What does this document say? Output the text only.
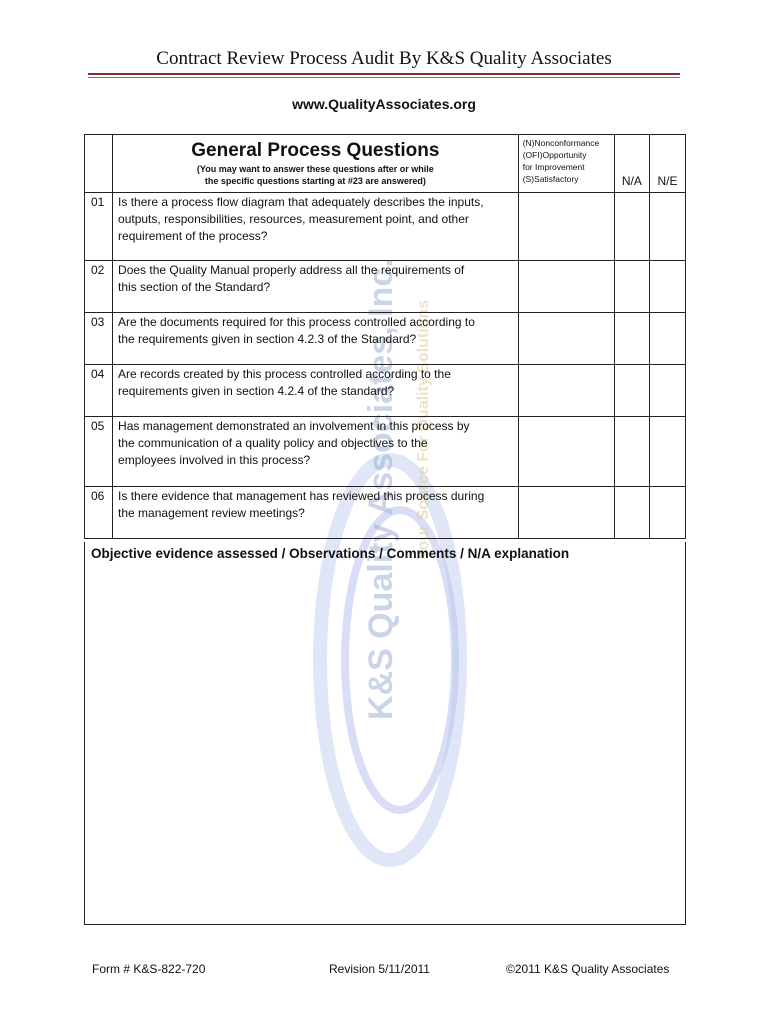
Contract Review Process Audit By K&S Quality Associates
www.QualityAssociates.org
K&S Quality Associates, Inc. Your Source For Quality Solutions

	General Process Questions
(You may want to answer these questions after or while
the specific questions starting at #23 are answered)	(N)Nonconformance
(OFI)Opportunity
for Improvement
(S)Satisfactory	N/A	N/E
01	Is there a process flow diagram that adequately describes the inputs,
outputs, responsibilities, resources, measurement point, and other
requirement of the process?			

02	Does the Quality Manual properly address all the requirements of
this section of the Standard?			

03	Are the documents required for this process controlled according to
the requirements given in section 4.2.3 of the Standard?			

04	Are records created by this process controlled according to the
requirements given in section 4.2.4 of the standard?			

05	Has management demonstrated an involvement in this process by
the communication of a quality policy and objectives to the
employees involved in this process?			

06	Is there evidence that management has reviewed this process during
the management review meetings?			

Objective evidence assessed / Observations / Comments / N/A explanation
Form # K&S-822-720	Revision 5/11/2011	©2011 K&S Quality Associates
